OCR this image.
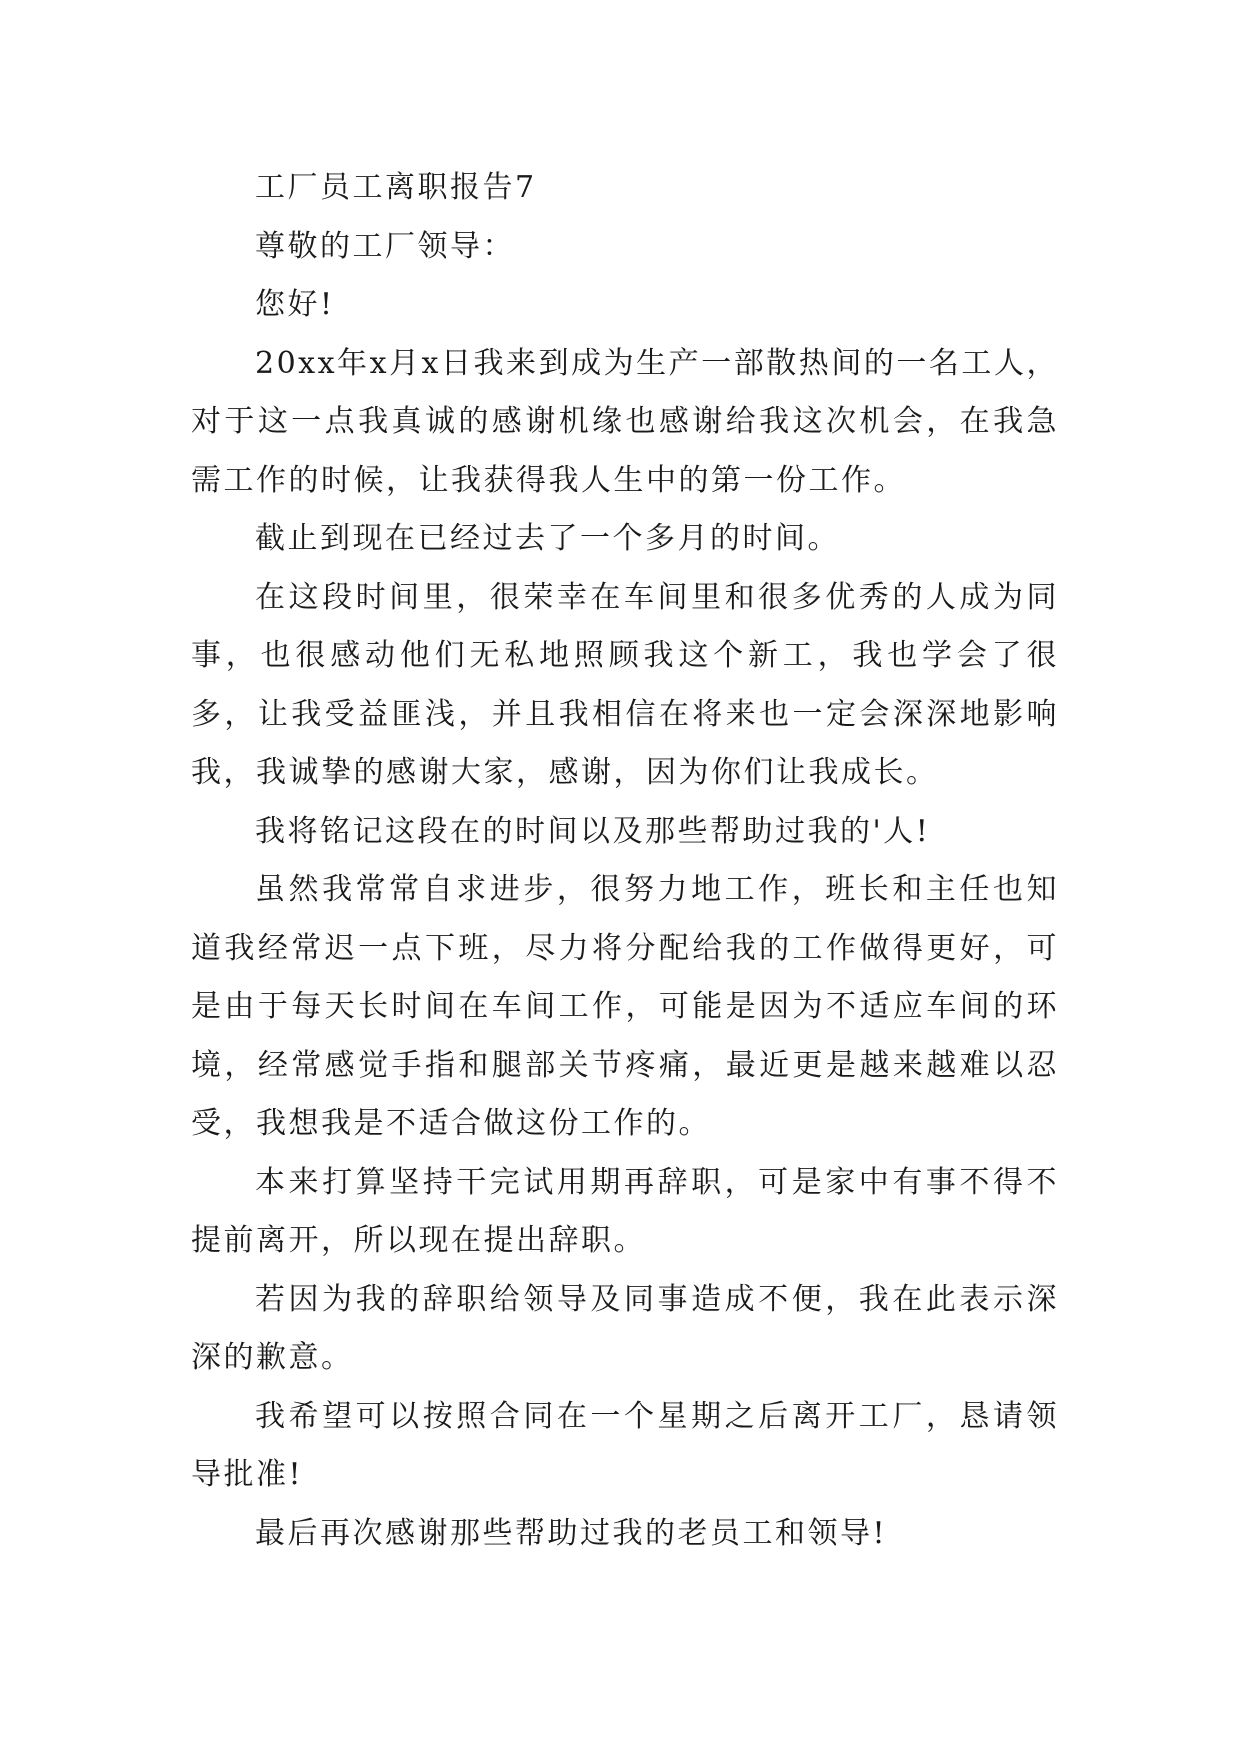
工厂员工离职报告7

尊敬的工厂领导：

您好!

20xx年x月x日我来到成为生产一部散热间的一名工人，对于这一点我真诚的感谢机缘也感谢给我这次机会，在我急需工作的时候，让我获得我人生中的第一份工作。

截止到现在已经过去了一个多月的时间。

在这段时间里，很荣幸在车间里和很多优秀的人成为同事，也很感动他们无私地照顾我这个新工，我也学会了很多，让我受益匪浅，并且我相信在将来也一定会深深地影响我，我诚挚的感谢大家，感谢，因为你们让我成长。

我将铭记这段在的时间以及那些帮助过我的'人!

虽然我常常自求进步，很努力地工作，班长和主任也知道我经常迟一点下班，尽力将分配给我的工作做得更好，可是由于每天长时间在车间工作，可能是因为不适应车间的环境，经常感觉手指和腿部关节疼痛，最近更是越来越难以忍受，我想我是不适合做这份工作的。

本来打算坚持干完试用期再辞职，可是家中有事不得不提前离开，所以现在提出辞职。

若因为我的辞职给领导及同事造成不便，我在此表示深深的歉意。

我希望可以按照合同在一个星期之后离开工厂，恳请领导批准!

最后再次感谢那些帮助过我的老员工和领导!
